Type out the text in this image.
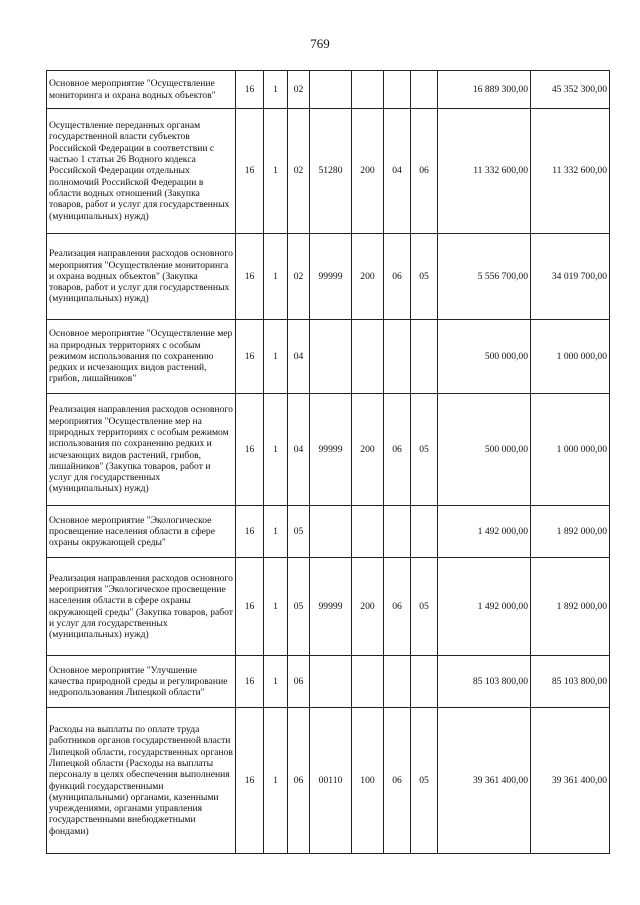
769
Основное мероприятие "Осуществление мониторинга и охрана водных объектов"	16	1	02					16 889 300,00	45 352 300,00
Осуществление переданных органам государственной власти субъектов Российской Федерации в соответствии с частью 1 статьи 26 Водного кодекса Российской Федерации отдельных полномочий Российской Федерации в области водных отношений (Закупка товаров, работ и услуг для государственных (муниципальных) нужд)	16	1	02	51280	200	04	06	11 332 600,00	11 332 600,00
Реализация направления расходов основного мероприятия "Осуществление мониторинга и охрана водных объектов" (Закупка товаров, работ и услуг для государственных (муниципальных) нужд)	16	1	02	99999	200	06	05	5 556 700,00	34 019 700,00
Основное мероприятие "Осуществление мер на природных территориях с особым режимом использования по сохранению редких и исчезающих видов растений, грибов, лишайников"	16	1	04					500 000,00	1 000 000,00
Реализация направления расходов основного мероприятия "Осуществление мер на природных территориях с особым режимом использования по сохранению редких и исчезающих видов растений, грибов, лишайников" (Закупка товаров, работ и услуг для государственных (муниципальных) нужд)	16	1	04	99999	200	06	05	500 000,00	1 000 000,00
Основное мероприятие "Экологическое просвещение населения области в сфере охраны окружающей среды"	16	1	05					1 492 000,00	1 892 000,00
Реализация направления расходов основного мероприятия "Экологическое просвещение населения области в сфере охраны окружающей среды" (Закупка товаров, работ и услуг для государственных (муниципальных) нужд)	16	1	05	99999	200	06	05	1 492 000,00	1 892 000,00
Основное мероприятие "Улучшение качества природной среды и регулирование недропользования Липецкой области"	16	1	06					85 103 800,00	85 103 800,00
Расходы на выплаты по оплате труда работников органов государственной власти Липецкой области, государственных органов Липецкой области (Расходы на выплаты персоналу в целях обеспечения выполнения функций государственными (муниципальными) органами, казенными учреждениями, органами управления государственными внебюджетными фондами)	16	1	06	00110	100	06	05	39 361 400,00	39 361 400,00
